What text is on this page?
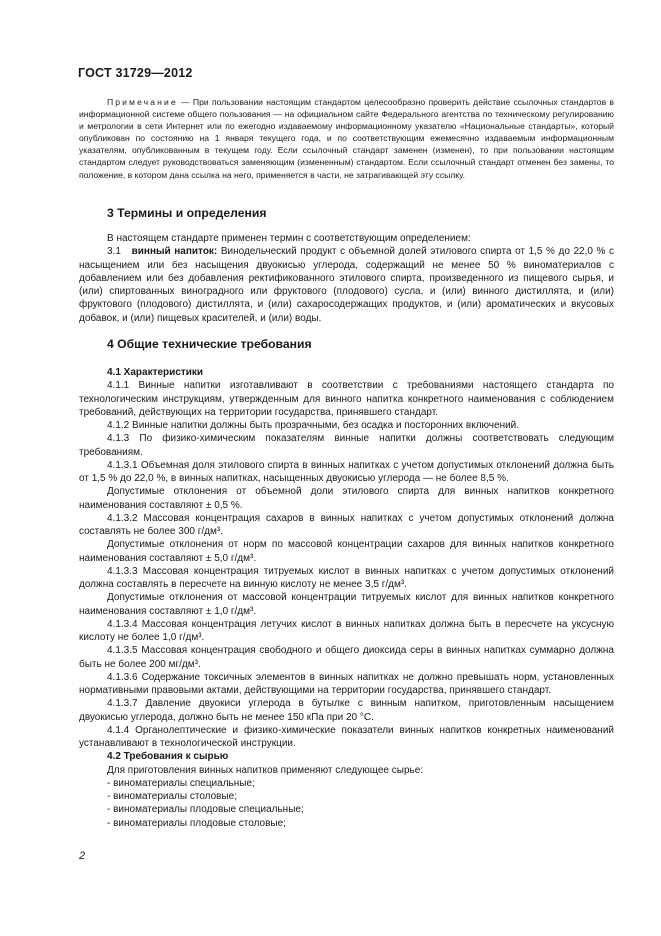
ГОСТ 31729—2012

Примечание — При пользовании настоящим стандартом целесообразно проверить действие ссылочных стандартов в информационной системе общего пользования — на официальном сайте Федерального агентства по техническому регулированию и метрологии в сети Интернет или по ежегодно издаваемому информационному указателю «Национальные стандарты», который опубликован по состоянию на 1 января текущего года, и по соответствующим ежемесячно издаваемым информационным указателям, опубликованным в текущем году. Если ссылочный стандарт заменен (изменен), то при пользовании настоящим стандартом следует руководствоваться заменяющим (измененным) стандартом. Если ссылочный стандарт отменен без замены, то положение, в котором дана ссылка на него, применяется в части, не затрагивающей эту ссылку.

3 Термины и определения

В настоящем стандарте применен термин с соответствующим определением:

3.1 винный напиток: Винодельческий продукт с объемной долей этилового спирта от 1,5 % до 22,0 % с насыщением или без насыщения двуокисью углерода, содержащий не менее 50 % виноматериалов с добавлением или без добавления ректификованного этилового спирта, произведенного из пищевого сырья, и (или) спиртованных виноградного или фруктового (плодового) сусла, и (или) винного дистиллята, и (или) фруктового (плодового) дистиллята, и (или) сахаросодержащих продуктов, и (или) ароматических и вкусовых добавок, и (или) пищевых красителей, и (или) воды.

4 Общие технические требования

4.1 Характеристики

4.1.1 Винные напитки изготавливают в соответствии с требованиями настоящего стандарта по технологическим инструкциям, утвержденным для винного напитка конкретного наименования с соблюдением требований, действующих на территории государства, принявшего стандарт.

4.1.2 Винные напитки должны быть прозрачными, без осадка и посторонних включений.

4.1.3 По физико-химическим показателям винные напитки должны соответствовать следующим требованиям.

4.1.3.1 Объемная доля этилового спирта в винных напитках с учетом допустимых отклонений должна быть от 1,5 % до 22,0 %, в винных напитках, насыщенных двуокисью углерода — не более 8,5 %.

Допустимые отклонения от объемной доли этилового спирта для винных напитков конкретного наименования составляют ± 0,5 %.

4.1.3.2 Массовая концентрация сахаров в винных напитках с учетом допустимых отклонений должна составлять не более 300 г/дм³.

Допустимые отклонения от норм по массовой концентрации сахаров для винных напитков конкретного наименования составляют ± 5,0 г/дм³.

4.1.3.3 Массовая концентрация титруемых кислот в винных напитках с учетом допустимых отклонений должна составлять в пересчете на винную кислоту не менее 3,5 г/дм³.

Допустимые отклонения от массовой концентрации титруемых кислот для винных напитков конкретного наименования составляют ± 1,0 г/дм³.

4.1.3.4 Массовая концентрация летучих кислот в винных напитках должна быть в пересчете на уксусную кислоту не более 1,0 г/дм³.

4.1.3.5 Массовая концентрация свободного и общего диоксида серы в винных напитках суммарно должна быть не более 200 мг/дм³.

4.1.3.6 Содержание токсичных элементов в винных напитках не должно превышать норм, установленных нормативными правовыми актами, действующими на территории государства, принявшего стандарт.

4.1.3.7 Давление двуокиси углерода в бутылке с винным напитком, приготовленным насыщением двуокисью углерода, должно быть не менее 150 кПа при 20 °С.

4.1.4 Органолептические и физико-химические показатели винных напитков конкретных наименований устанавливают в технологической инструкции.

4.2 Требования к сырью

Для приготовления винных напитков применяют следующее сырье:

- виноматериалы специальные;

- виноматериалы столовые;

- виноматериалы плодовые специальные;

- виноматериалы плодовые столовые;

2
